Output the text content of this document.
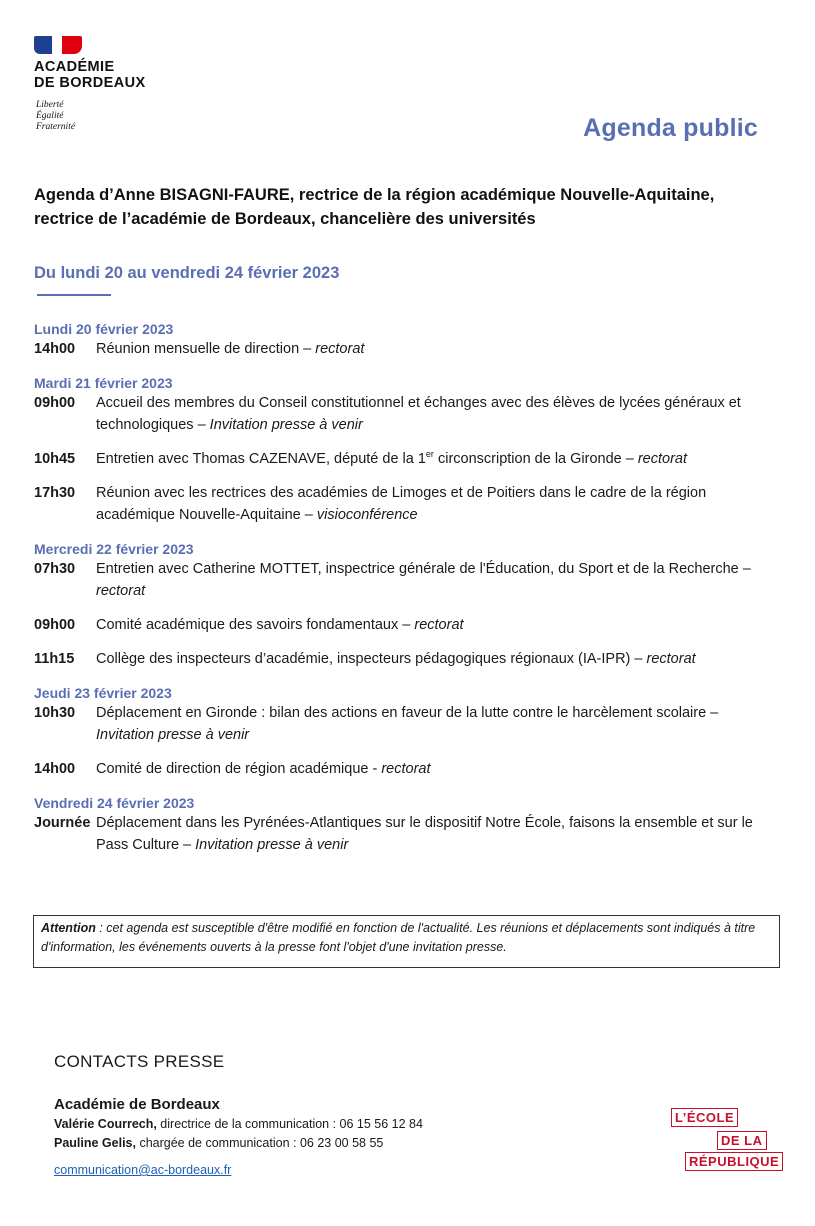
ACADÉMIE
DE BORDEAUX
Liberté
Égalité
Fraternité	Agenda public
Agenda d’Anne BISAGNI-FAURE, rectrice de la région académique Nouvelle-Aquitaine, rectrice de l’académie de Bordeaux, chancelière des universités
Du lundi 20 au vendredi 24 février 2023
Lundi 20 février 2023
14h00	Réunion mensuelle de direction – rectorat
Mardi 21 février 2023
09h00	Accueil des membres du Conseil constitutionnel et échanges avec des élèves de lycées généraux et technologiques – Invitation presse à venir
10h45	Entretien avec Thomas CAZENAVE, député de la 1er circonscription de la Gironde – rectorat
17h30	Réunion avec les rectrices des académies de Limoges et de Poitiers dans le cadre de la région académique Nouvelle-Aquitaine – visioconférence
Mercredi 22 février 2023
07h30	Entretien avec Catherine MOTTET, inspectrice générale de l'Éducation, du Sport et de la Recherche – rectorat
09h00	Comité académique des savoirs fondamentaux – rectorat
11h15	Collège des inspecteurs d’académie, inspecteurs pédagogiques régionaux (IA-IPR) – rectorat
Jeudi 23 février 2023
10h30	Déplacement en Gironde : bilan des actions en faveur de la lutte contre le harcèlement scolaire – Invitation presse à venir
14h00	Comité de direction de région académique - rectorat
Vendredi 24 février 2023
Journée Déplacement dans les Pyrénées-Atlantiques sur le dispositif Notre École, faisons la ensemble et sur le Pass Culture – Invitation presse à venir
Attention : cet agenda est susceptible d'être modifié en fonction de l'actualité. Les réunions et déplacements sont indiqués à titre d'information, les événements ouverts à la presse font l'objet d'une invitation presse.
CONTACTS PRESSE
Académie de Bordeaux
Valérie Courrech, directrice de la communication : 06 15 56 12 84
Pauline Gelis, chargée de communication : 06 23 00 58 55
communication@ac-bordeaux.fr
L’ÉCOLE
DE LA
RÉPUBLIQUE
